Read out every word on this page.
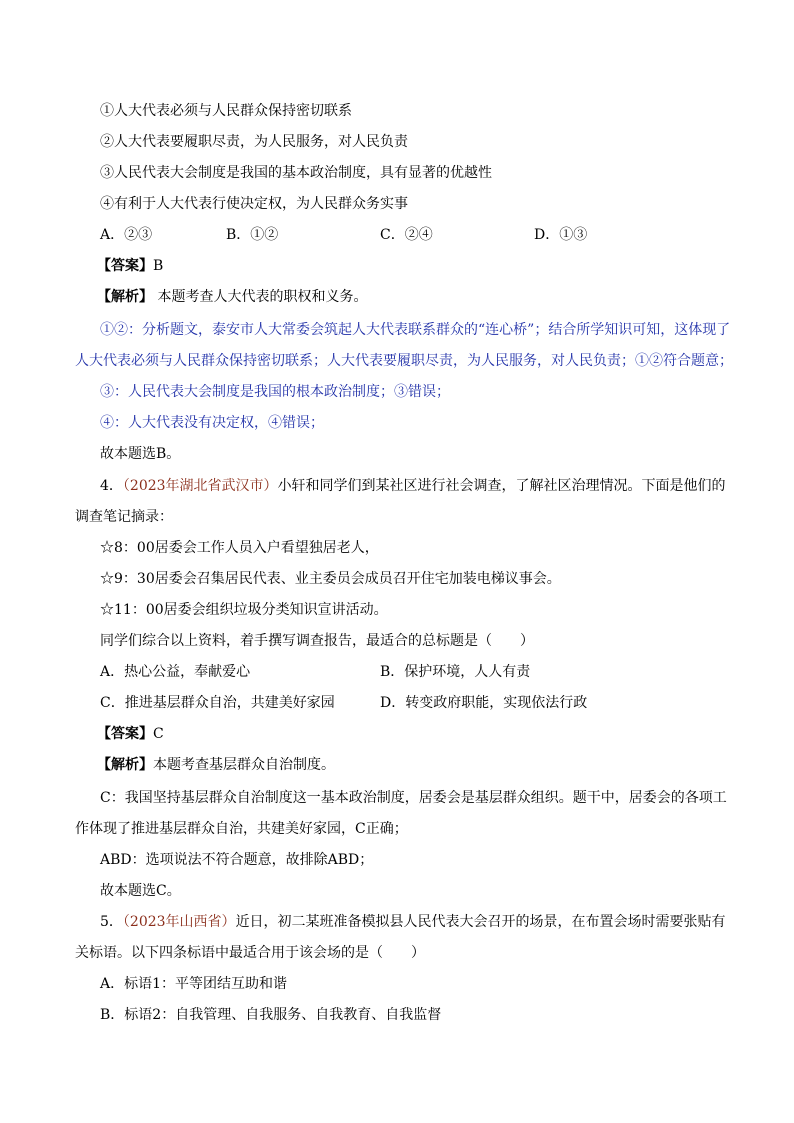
①人大代表必须与人民群众保持密切联系
②人大代表要履职尽责，为人民服务，对人民负责
③人民代表大会制度是我国的基本政治制度，具有显著的优越性
④有利于人大代表行使决定权，为人民群众务实事
A．②③	B．①②	C．②④	D．①③
【答案】B
【解析】 本题考查人大代表的职权和义务。
①②：分析题文，泰安市人大常委会筑起人大代表联系群众的“连心桥”；结合所学知识可知，这体现了
人大代表必须与人民群众保持密切联系；人大代表要履职尽责，为人民服务，对人民负责；①②符合题意；
③：人民代表大会制度是我国的根本政治制度；③错误；
④：人大代表没有决定权，④错误；
故本题选B。
4．（2023年湖北省武汉市）小轩和同学们到某社区进行社会调查，了解社区治理情况。下面是他们的
调查笔记摘录：
☆8：00居委会工作人员入户看望独居老人，
☆9：30居委会召集居民代表、业主委员会成员召开住宅加装电梯议事会。
☆11：00居委会组织垃圾分类知识宣讲活动。
同学们综合以上资料，着手撰写调查报告，最适合的总标题是（　　）
A．热心公益，奉献爱心	B．保护环境，人人有责
C．推进基层群众自治，共建美好家园	D．转变政府职能，实现依法行政
【答案】C
【解析】本题考查基层群众自治制度。
C：我国坚持基层群众自治制度这一基本政治制度，居委会是基层群众组织。题干中，居委会的各项工
作体现了推进基层群众自治，共建美好家园，C正确；
ABD：选项说法不符合题意，故排除ABD；
故本题选C。
5．（2023年山西省）近日，初二某班准备模拟县人民代表大会召开的场景，在布置会场时需要张贴有
关标语。以下四条标语中最适合用于该会场的是（　　）
A．标语1：平等团结互助和谐
B．标语2：自我管理、自我服务、自我教育、自我监督
